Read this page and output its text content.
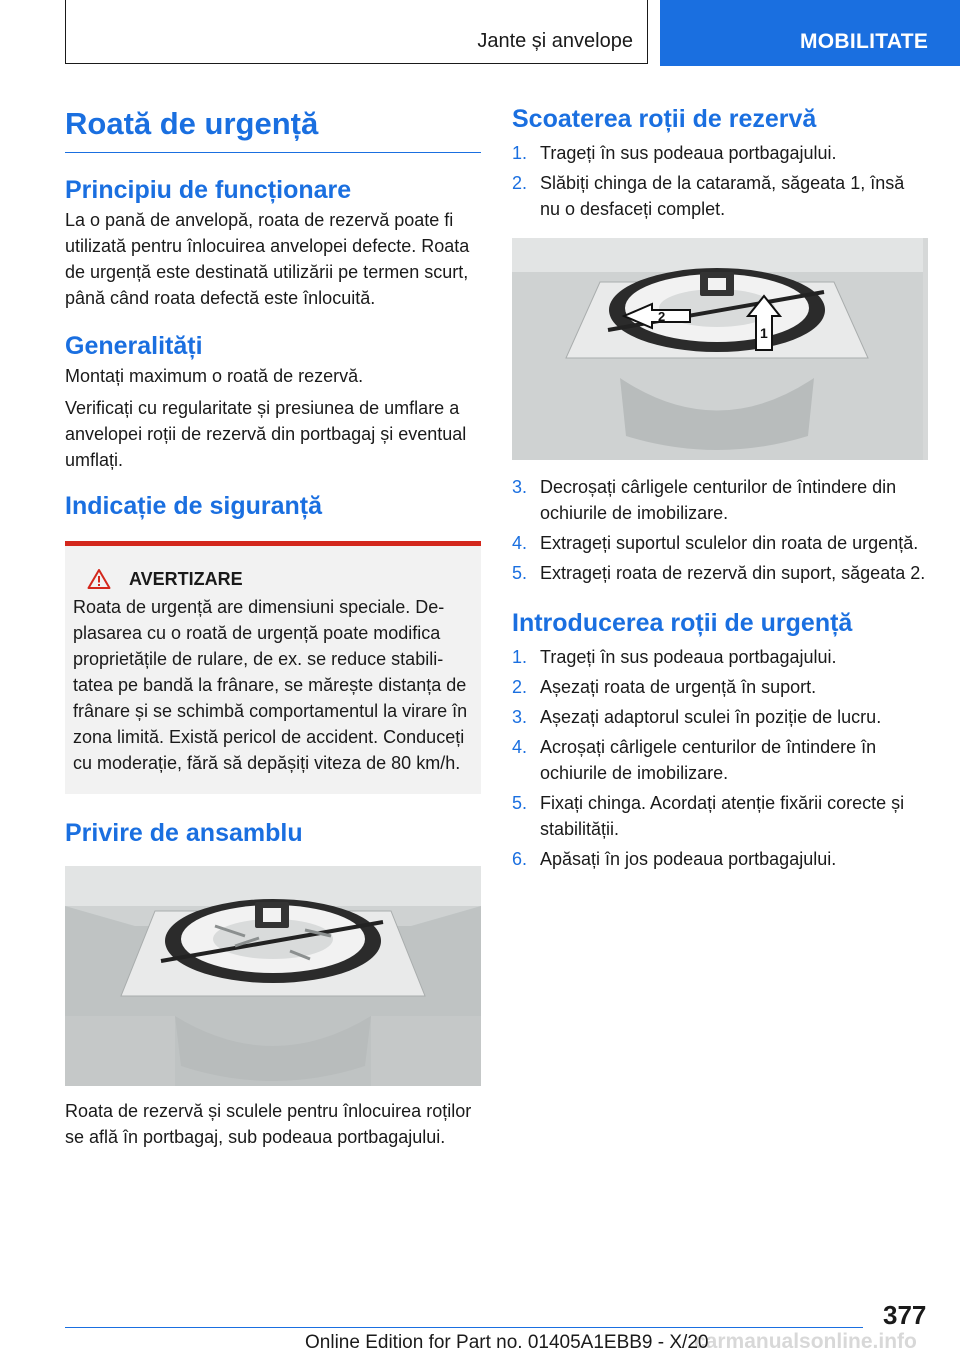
Jante și anvelope	MOBILITATE
Roată de urgență
Principiu de funcționare

La o pană de anvelopă, roata de rezervă poate fi utilizată pentru înlocuirea anvelopei defecte. Roata de urgență este destinată utilizării pe termen scurt, până când roata defectă este înlocuită.

Generalități

Montați maximum o roată de rezervă.

Verificați cu regularitate și presiunea de umflare a anvelopei roții de rezervă din portbagaj și eventual umflați.

Indicație de siguranță
AVERTIZARE

Roata de urgență are dimensiuni speciale. Deplasarea cu o roată de urgență poate modifica proprietățile de rulare, de ex. se reduce stabilitatea pe bandă la frânare, se mărește distanța de frânare și se schimbă comportamentul la virare în zona limită. Există pericol de accident. Conduceți cu moderație, fără să depășiți viteza de 80 km/h.

Privire de ansamblu

Roata de rezervă și sculele pentru înlocuirea roților se află în portbagaj, sub podeaua portbagajului.

Scoaterea roții de rezervă
1. Trageți în sus podeaua portbagajului.
2. Slăbiți chinga de la cataramă, săgeata 1, însă nu o desfaceți complet.
2
1
3. Decroșați cârligele centurilor de întindere din ochiurile de imobilizare.
4. Extrageți suportul sculelor din roata de urgență.
5. Extrageți roata de rezervă din suport, săgeata 2.
Introducerea roții de urgență
1. Trageți în sus podeaua portbagajului.
2. Așezați roata de urgență în suport.
3. Așezați adaptorul sculei în poziție de lucru.
4. Acroșați cârligele centurilor de întindere în ochiurile de imobilizare.
5. Fixați chinga. Acordați atenție fixării corecte și stabilității.
6. Apăsați în jos podeaua portbagajului.
377
carmanualsonline.info
Online Edition for Part no. 01405A1EBB9 - X/20
